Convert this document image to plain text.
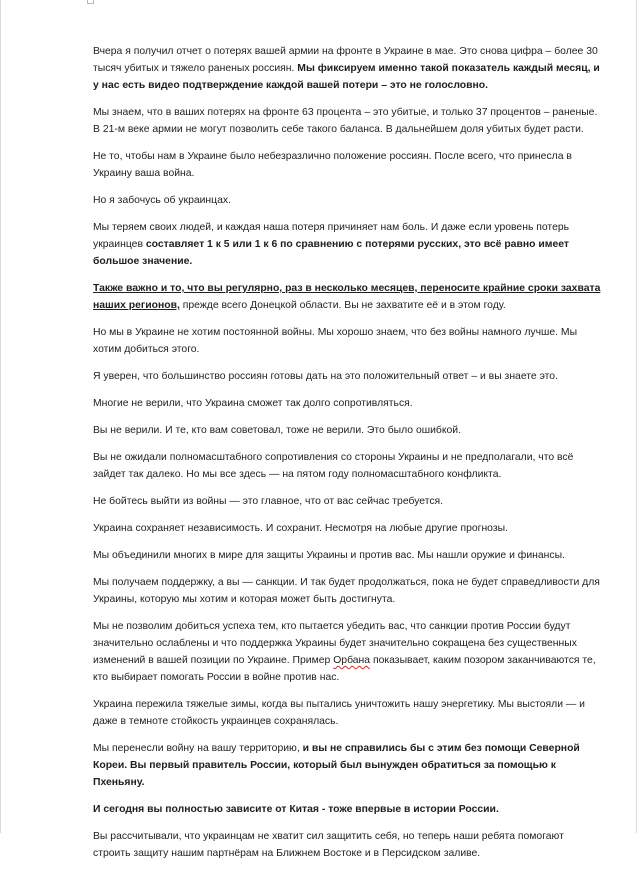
Вчера я получил отчет о потерях вашей армии на фронте в Украине в мае. Это снова цифра – более 30 тысяч убитых и тяжело раненых россиян. Мы фиксируем именно такой показатель каждый месяц, и у нас есть видео подтверждение каждой вашей потери – это не голословно.

Мы знаем, что в ваших потерях на фронте 63 процента – это убитые, и только 37 процентов – раненые. В 21-м веке армии не могут позволить себе такого баланса. В дальнейшем доля убитых будет расти.

Не то, чтобы нам в Украине было небезразлично положение россиян. После всего, что принесла в Украину ваша война.

Но я забочусь об украинцах.

Мы теряем своих людей, и каждая наша потеря причиняет нам боль. И даже если уровень потерь украинцев составляет 1 к 5 или 1 к 6 по сравнению с потерями русских, это всё равно имеет большое значение.

Также важно и то, что вы регулярно, раз в несколько месяцев, переносите крайние сроки захвата наших регионов, прежде всего Донецкой области. Вы не захватите её и в этом году.

Но мы в Украине не хотим постоянной войны. Мы хорошо знаем, что без войны намного лучше. Мы хотим добиться этого.

Я уверен, что большинство россиян готовы дать на это положительный ответ – и вы знаете это.

Многие не верили, что Украина сможет так долго сопротивляться.

Вы не верили. И те, кто вам советовал, тоже не верили. Это было ошибкой.

Вы не ожидали полномасштабного сопротивления со стороны Украины и не предполагали, что всё зайдет так далеко. Но мы все здесь — на пятом году полномасштабного конфликта.

Не бойтесь выйти из войны — это главное, что от вас сейчас требуется.

Украина сохраняет независимость. И сохранит. Несмотря на любые другие прогнозы.

Мы объединили многих в мире для защиты Украины и против вас. Мы нашли оружие и финансы.

Мы получаем поддержку, а вы — санкции. И так будет продолжаться, пока не будет справедливости для Украины, которую мы хотим и которая может быть достигнута.

Мы не позволим добиться успеха тем, кто пытается убедить вас, что санкции против России будут значительно ослаблены и что поддержка Украины будет значительно сокращена без существенных изменений в вашей позиции по Украине. Пример Орбана показывает, каким позором заканчиваются те, кто выбирает помогать России в войне против нас.

Украина пережила тяжелые зимы, когда вы пытались уничтожить нашу энергетику. Мы выстояли — и даже в темноте стойкость украинцев сохранялась.

Мы перенесли войну на вашу территорию, и вы не справились бы с этим без помощи Северной Кореи. Вы первый правитель России, который был вынужден обратиться за помощью к Пхеньяну.

И сегодня вы полностью зависите от Китая - тоже впервые в истории России.

Вы рассчитывали, что украинцам не хватит сил защитить себя, но теперь наши ребята помогают строить защиту нашим партнёрам на Ближнем Востоке и в Персидском заливе.
